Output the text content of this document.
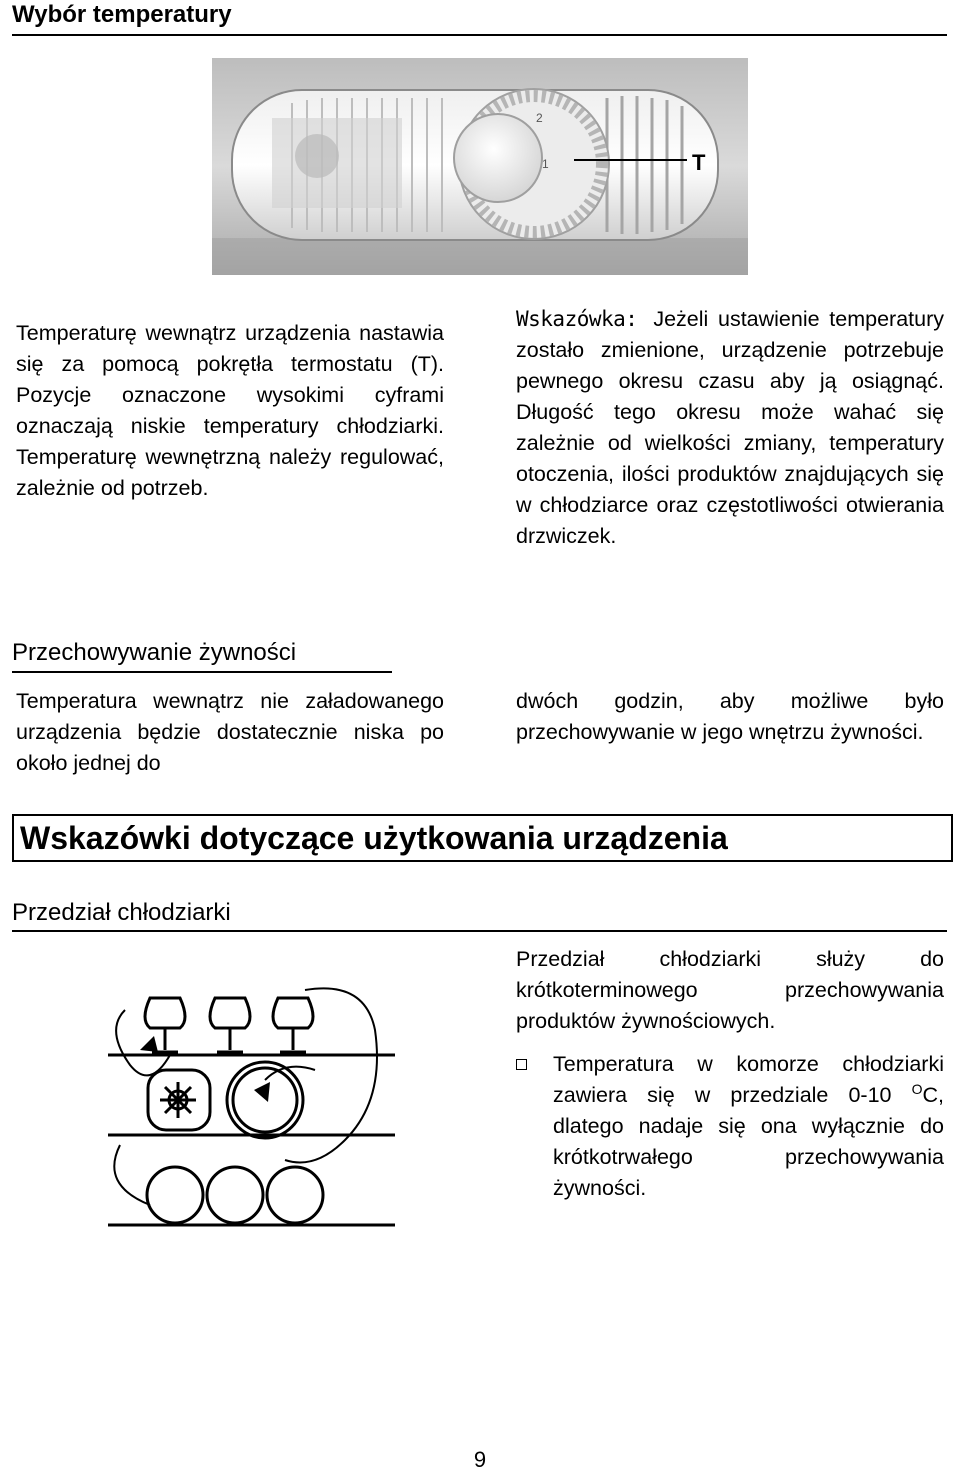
Wybór temperatury
2
1	T

Temperaturę wewnątrz urządzenia nastawia się za pomocą pokrętła termostatu (T). Pozycje oznaczone wysokimi cyframi oznaczają niskie temperatury chłodziarki. Temperaturę wewnętrzną należy regulować, zależnie od potrzeb.

Wskazówka: Jeżeli ustawienie temperatury zostało zmienione, urządzenie potrzebuje pewnego okresu czasu aby ją osiągnąć. Długość tego okresu może wahać się zależnie od wielkości zmiany, temperatury otoczenia, ilości produktów znajdujących się w chłodziarce oraz częstotliwości otwierania drzwiczek.

Przechowywanie żywności

Temperatura wewnątrz nie załadowanego urządzenia będzie dostatecznie niska po około jednej do

dwóch godzin, aby możliwe było przechowywanie w jego wnętrzu żywności.

Wskazówki dotyczące użytkowania urządzenia
Przedział chłodziarki

Przedział chłodziarki służy do krótkoterminowego przechowywania produktów żywnościowych.

Temperatura w komorze chłodziarki zawiera się w przedziale 0-10 $^O$C, dlatego nadaje się ona wyłącznie do krótkotrwałego przechowywania żywności.

9
